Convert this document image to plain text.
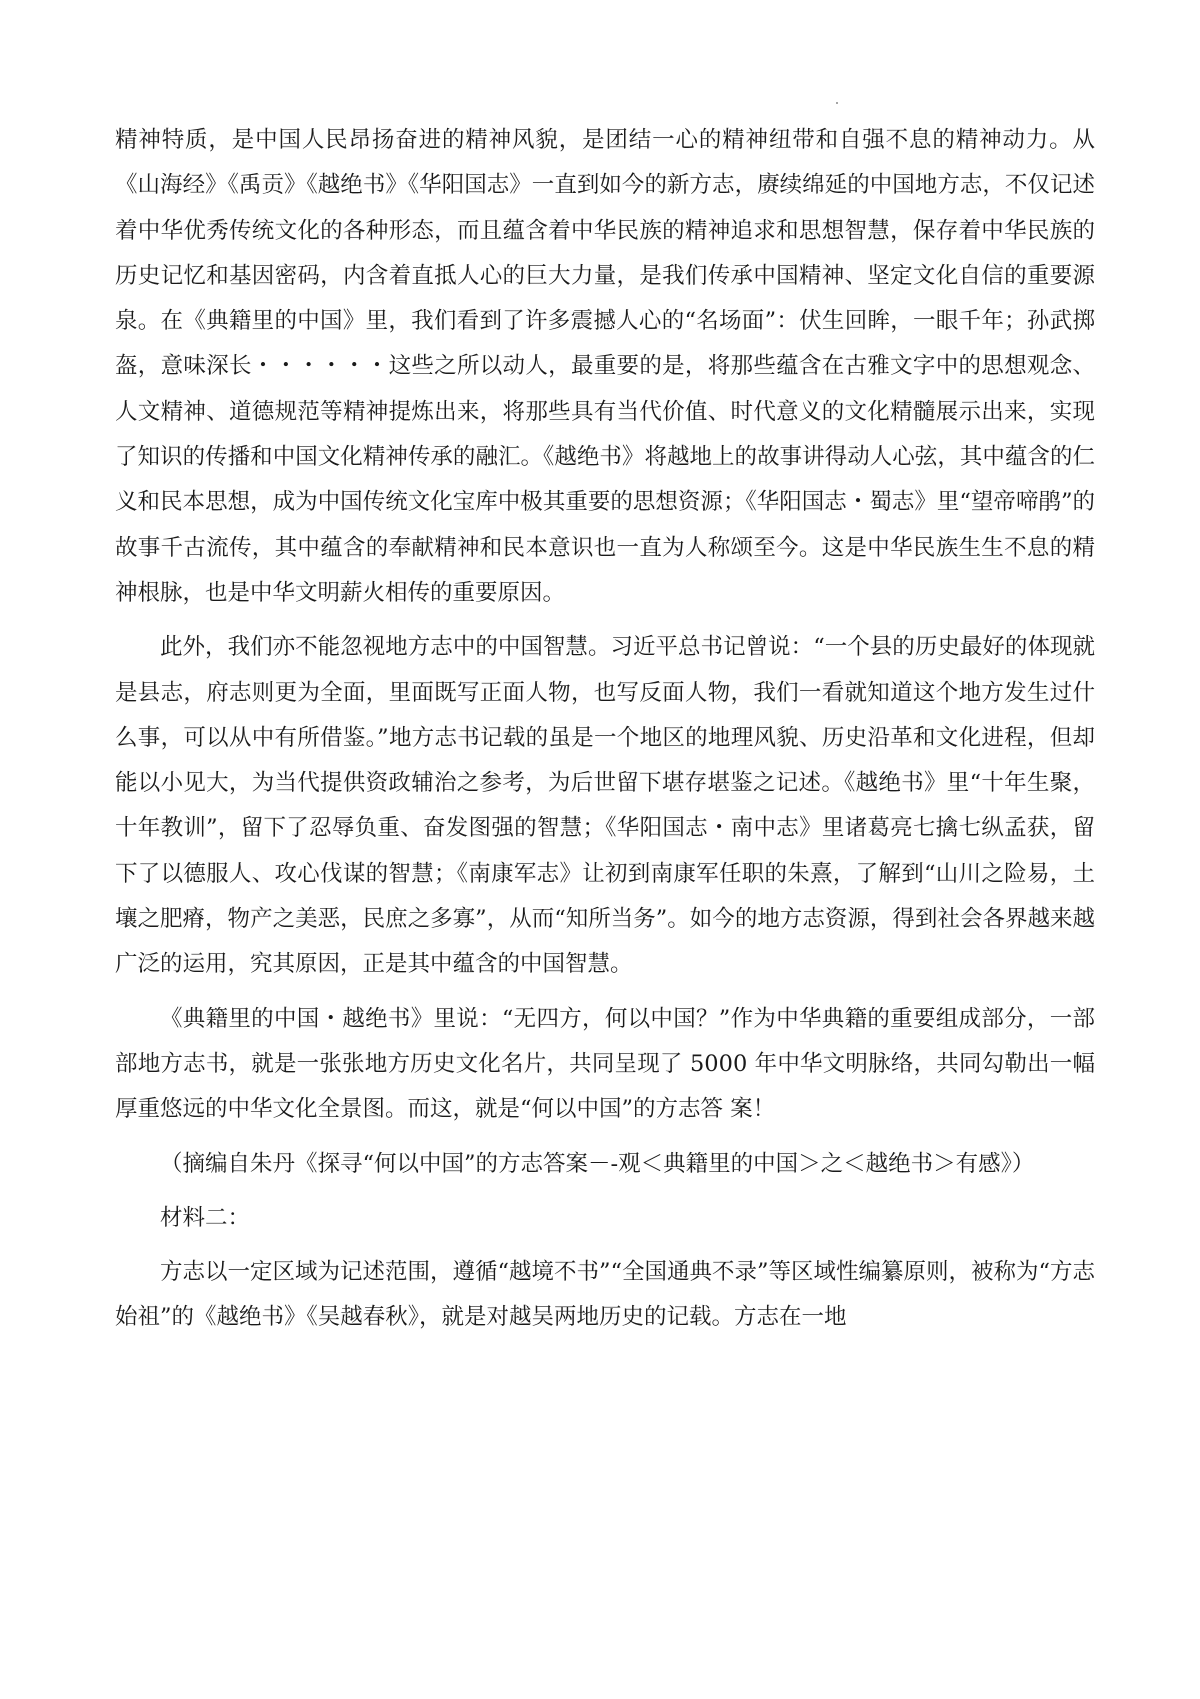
精神特质，是中国人民昂扬奋进的精神风貌，是团结一心的精神纽带和自强不息的精神动力。从《山海经》《禹贡》《越绝书》《华阳国志》一直到如今的新方志，赓续绵延的中国地方志，不仅记述着中华优秀传统文化的各种形态，而且蕴含着中华民族的精神追求和思想智慧，保存着中华民族的历史记忆和基因密码，内含着直抵人心的巨大力量，是我们传承中国精神、坚定文化自信的重要源泉。在《典籍里的中国》里，我们看到了许多震撼人心的“名场面”：伏生回眸，一眼千年；孙武掷盔，意味深长・・・・・・这些之所以动人，最重要的是，将那些蕴含在古雅文字中的思想观念、人文精神、道德规范等精神提炼出来，将那些具有当代价值、时代意义的文化精髓展示出来，实现了知识的传播和中国文化精神传承的融汇。《越绝书》将越地上的故事讲得动人心弦，其中蕴含的仁义和民本思想，成为中国传统文化宝库中极其重要的思想资源；《华阳国志・蜀志》里“望帝啼鹃”的故事千古流传，其中蕴含的奉献精神和民本意识也一直为人称颂至今。这是中华民族生生不息的精神根脉，也是中华文明薪火相传的重要原因。

此外，我们亦不能忽视地方志中的中国智慧。习近平总书记曾说：“一个县的历史最好的体现就是县志，府志则更为全面，里面既写正面人物，也写反面人物，我们一看就知道这个地方发生过什么事，可以从中有所借鉴。”地方志书记载的虽是一个地区的地理风貌、历史沿革和文化进程，但却能以小见大，为当代提供资政辅治之参考，为后世留下堪存堪鉴之记述。《越绝书》里“十年生聚，十年教训”，留下了忍辱负重、奋发图强的智慧；《华阳国志・南中志》里诸葛亮七擒七纵孟获，留下了以德服人、攻心伐谋的智慧；《南康军志》让初到南康军任职的朱熹，了解到“山川之险易，土壤之肥瘠，物产之美恶，民庶之多寡”，从而“知所当务”。如今的地方志资源，得到社会各界越来越广泛的运用，究其原因，正是其中蕴含的中国智慧。

《典籍里的中国・越绝书》里说：“无四方，何以中国？”作为中华典籍的重要组成部分，一部部地方志书，就是一张张地方历史文化名片，共同呈现了 5000 年中华文明脉络，共同勾勒出一幅厚重悠远的中华文化全景图。而这，就是“何以中国”的方志答 案！

（摘编自朱丹《探寻“何以中国”的方志答案－-观＜典籍里的中国＞之＜越绝书＞有感》）

材料二：

方志以一定区域为记述范围，遵循“越境不书”“全国通典不录”等区域性编纂原则，被称为“方志始祖”的《越绝书》《吴越春秋》，就是对越吴两地历史的记载。方志在一地
